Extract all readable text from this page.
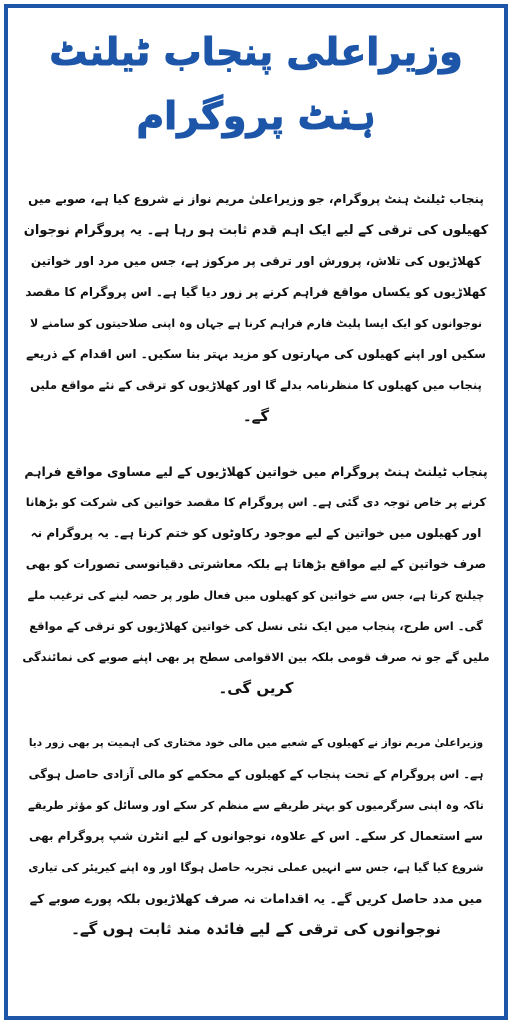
وزیراعلی پنجاب ٹیلنٹ
ہنٹ پروگرام
پنجاب ٹیلنٹ ہنٹ پروگرام، جو وزیراعلیٰ مریم نواز نے شروع کیا ہے، صوبے میں
کھیلوں کی ترقی کے لیے ایک اہم قدم ثابت ہو رہا ہے۔ یہ پروگرام نوجوان
کھلاڑیوں کی تلاش، پرورش اور ترقی پر مرکوز ہے، جس میں مرد اور خواتین
کھلاڑیوں کو یکساں مواقع فراہم کرنے پر زور دیا گیا ہے۔ اس پروگرام کا مقصد
نوجوانوں کو ایک ایسا پلیٹ فارم فراہم کرنا ہے جہاں وہ اپنی صلاحیتوں کو سامنے لا
سکیں اور اپنے کھیلوں کی مہارتوں کو مزید بہتر بنا سکیں۔ اس اقدام کے ذریعے
پنجاب میں کھیلوں کا منظرنامہ بدلے گا اور کھلاڑیوں کو ترقی کے نئے مواقع ملیں
گے۔
پنجاب ٹیلنٹ ہنٹ پروگرام میں خواتین کھلاڑیوں کے لیے مساوی مواقع فراہم
کرنے پر خاص توجہ دی گئی ہے۔ اس پروگرام کا مقصد خواتین کی شرکت کو بڑھانا
اور کھیلوں میں خواتین کے لیے موجود رکاوٹوں کو ختم کرنا ہے۔ یہ پروگرام نہ
صرف خواتین کے لیے مواقع بڑھاتا ہے بلکہ معاشرتی دقیانوسی تصورات کو بھی
چیلنج کرتا ہے، جس سے خواتین کو کھیلوں میں فعال طور پر حصہ لینے کی ترغیب ملے
گی۔ اس طرح، پنجاب میں ایک نئی نسل کی خواتین کھلاڑیوں کو ترقی کے مواقع
ملیں گے جو نہ صرف قومی بلکہ بین الاقوامی سطح پر بھی اپنے صوبے کی نمائندگی
کریں گی۔
وزیراعلیٰ مریم نواز نے کھیلوں کے شعبے میں مالی خود مختاری کی اہمیت پر بھی زور دیا
ہے۔ اس پروگرام کے تحت پنجاب کے کھیلوں کے محکمے کو مالی آزادی حاصل ہوگی
تاکہ وہ اپنی سرگرمیوں کو بہتر طریقے سے منظم کر سکے اور وسائل کو مؤثر طریقے
سے استعمال کر سکے۔ اس کے علاوہ، نوجوانوں کے لیے انٹرن شپ پروگرام بھی
شروع کیا گیا ہے، جس سے انہیں عملی تجربہ حاصل ہوگا اور وہ اپنے کیریئر کی تیاری
میں مدد حاصل کریں گے۔ یہ اقدامات نہ صرف کھلاڑیوں بلکہ پورے صوبے کے
نوجوانوں کی ترقی کے لیے فائدہ مند ثابت ہوں گے۔
